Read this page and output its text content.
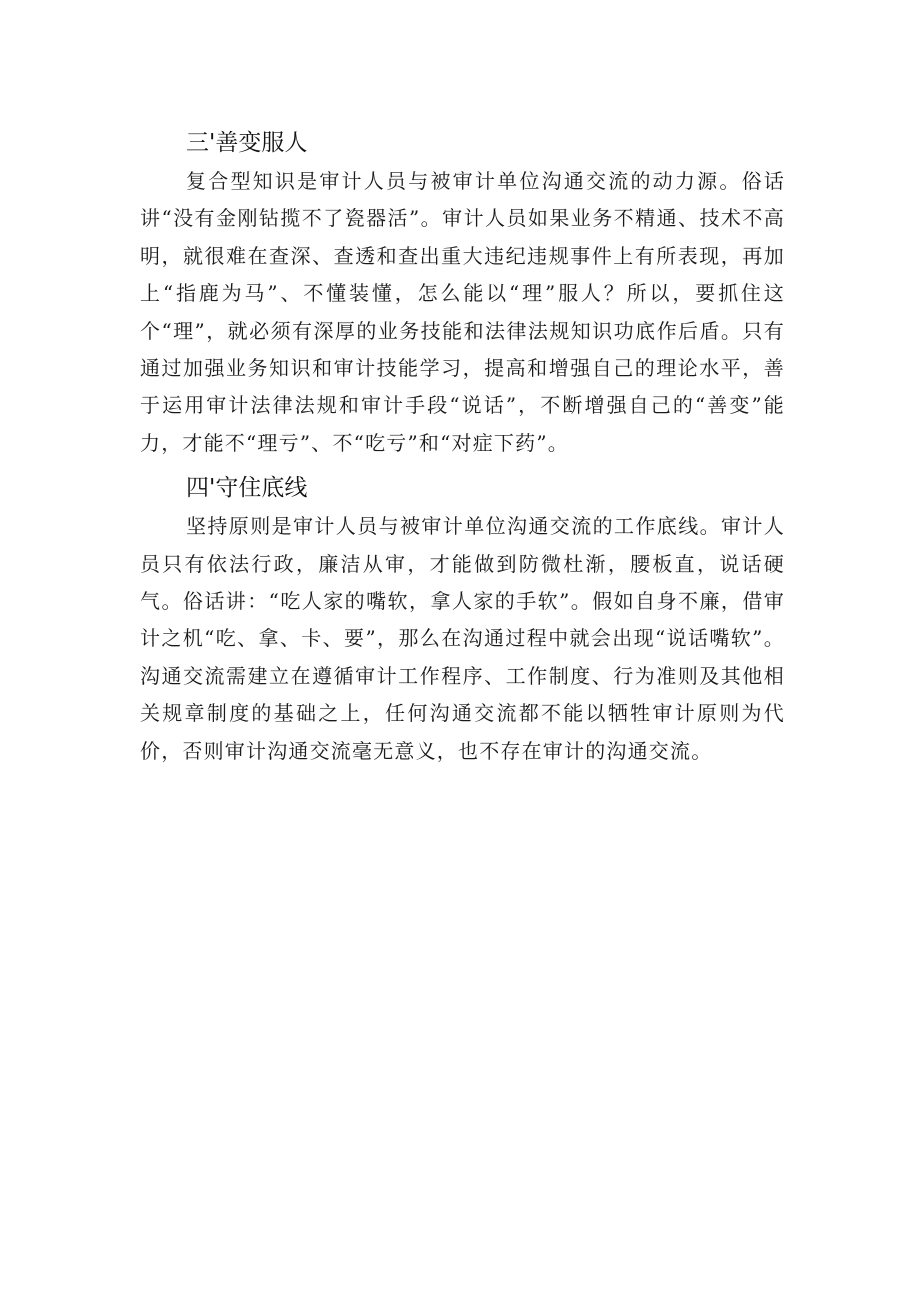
三'善变服人

复合型知识是审计人员与被审计单位沟通交流的动力源。俗话讲“没有金刚钻揽不了瓷器活”。审计人员如果业务不精通、技术不高明，就很难在查深、查透和查出重大违纪违规事件上有所表现，再加上“指鹿为马”、不懂装懂，怎么能以“理”服人？所以，要抓住这个“理”，就必须有深厚的业务技能和法律法规知识功底作后盾。只有通过加强业务知识和审计技能学习，提高和增强自己的理论水平，善于运用审计法律法规和审计手段“说话”，不断增强自己的“善变”能力，才能不“理亏”、不“吃亏”和“对症下药”。

四'守住底线

坚持原则是审计人员与被审计单位沟通交流的工作底线。审计人员只有依法行政，廉洁从审，才能做到防微杜渐，腰板直，说话硬气。俗话讲：“吃人家的嘴软，拿人家的手软”。假如自身不廉，借审计之机“吃、拿、卡、要”，那么在沟通过程中就会出现“说话嘴软”。沟通交流需建立在遵循审计工作程序、工作制度、行为准则及其他相关规章制度的基础之上，任何沟通交流都不能以牺牲审计原则为代价，否则审计沟通交流毫无意义，也不存在审计的沟通交流。
